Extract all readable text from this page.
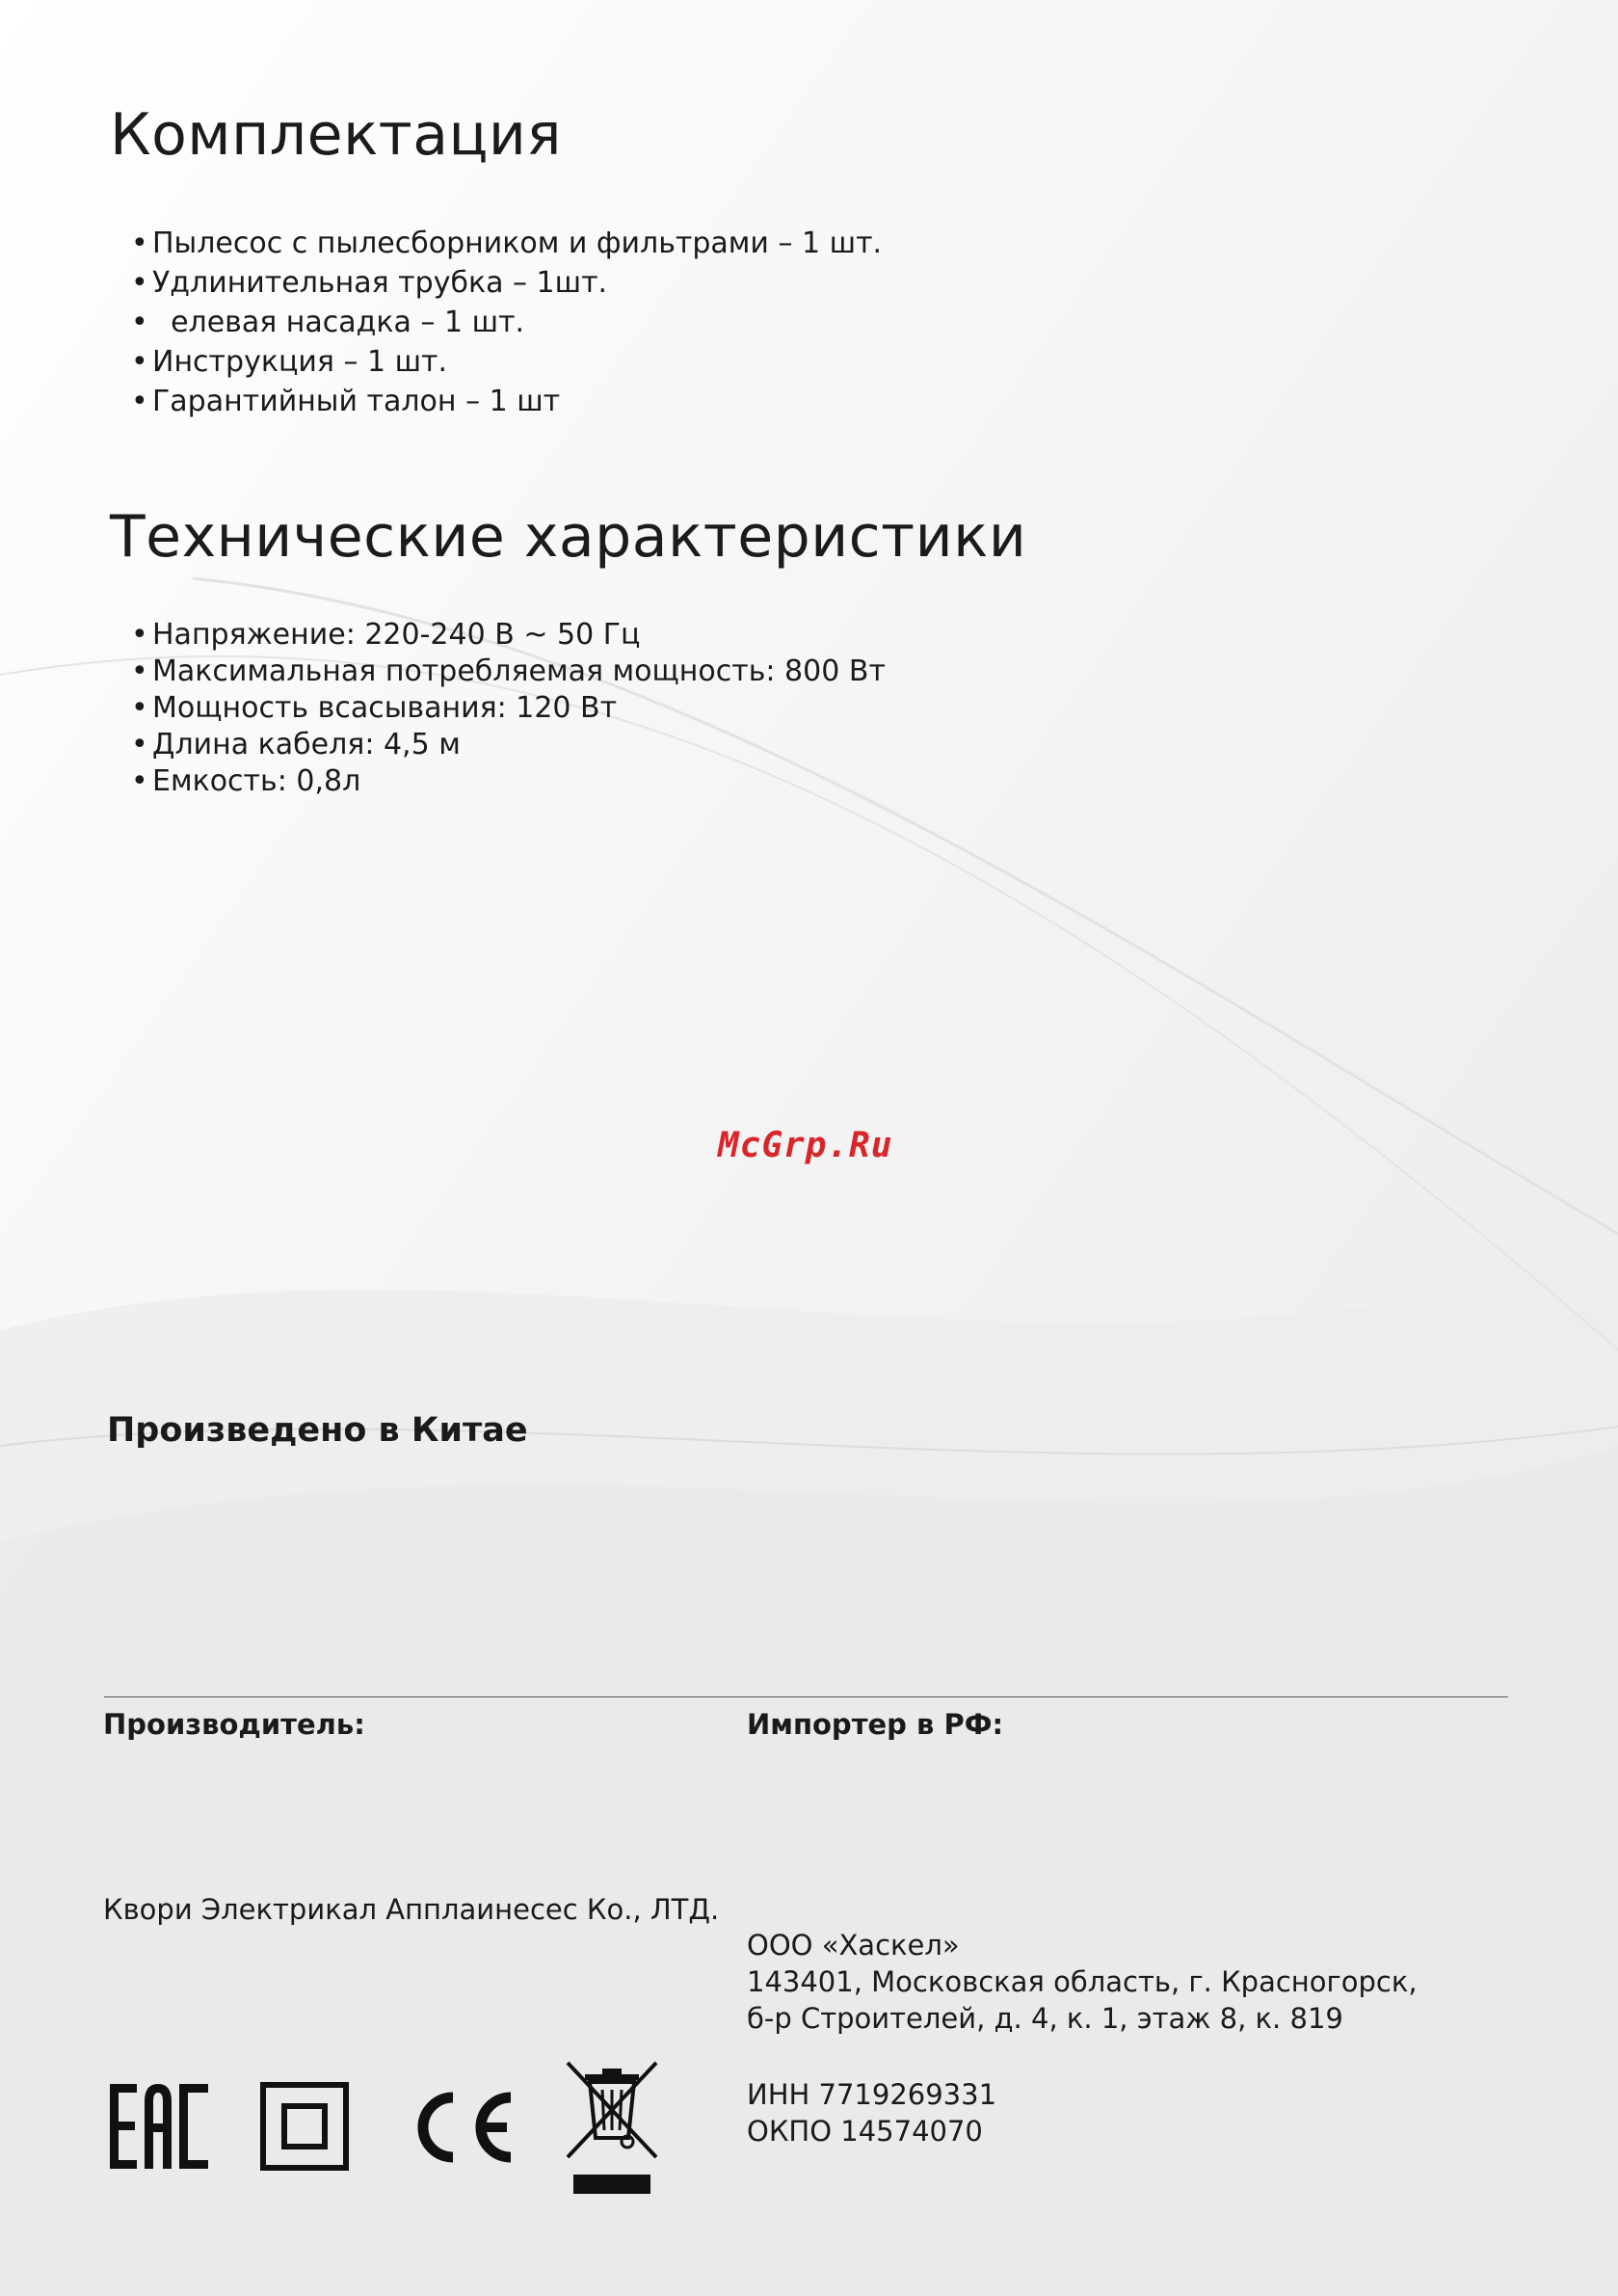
Комплектация
• Пылесос с пылесборником и фильтрами – 1 шт.
• Удлинительная трубка – 1шт.
•   елевая насадка – 1 шт.
• Инструкция – 1 шт.
• Гарантийный талон – 1 шт
Технические характеристики
• Напряжение: 220-240 В ~ 50 Гц
• Максимальная потребляемая мощность: 800 Вт
• Мощность всасывания: 120 Вт
• Длина кабеля: 4,5 м
• Емкость: 0,8л
McGrp.Ru
Произведено в Китае
Производитель:
Квори Электрикал Апплаинесес Ко., ЛТД.
Импортер в РФ:
ООО «Хаскел»
143401, Московская область, г. Красногорск,
б-р Строителей, д. 4, к. 1, этаж 8, к. 819
ИНН 7719269331
ОКПО 14574070
